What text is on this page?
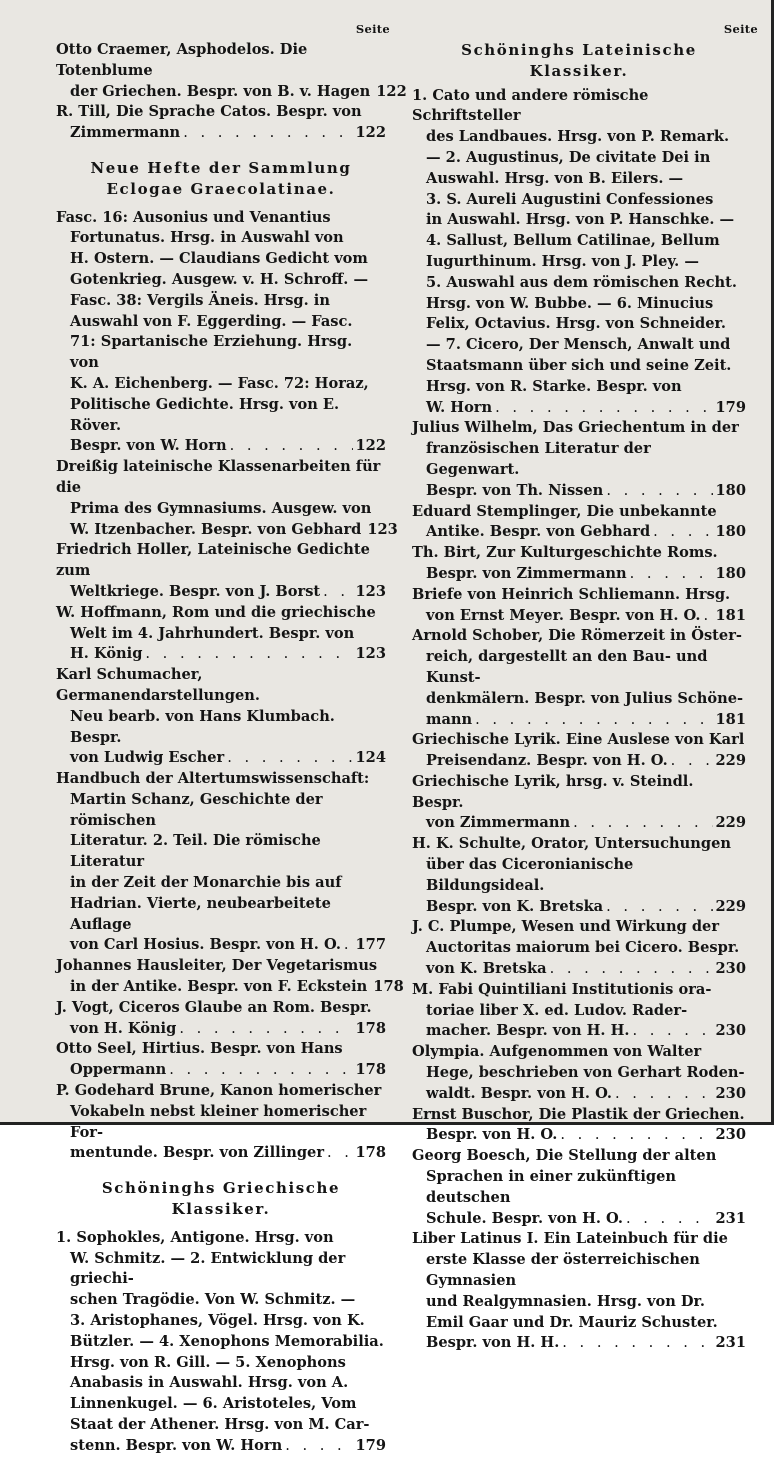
Seite
Otto Craemer, Asphodelos. Die Totenblume
der Griechen. Bespr. von B. v. Hagen 122
R. Till, Die Sprache Catos. Bespr. von
Zimmermann . . .	122
Neue Hefte der Sammlung
Eclogae Graecolatinae.
Fasc. 16: Ausonius und Venantius
Fortunatus. Hrsg. in Auswahl von
H. Ostern. — Claudians Gedicht vom
Gotenkrieg. Ausgew. v. H. Schroff. —
Fasc. 38: Vergils Äneis. Hrsg. in
Auswahl von F. Eggerding. — Fasc.
71: Spartanische Erziehung. Hrsg. von
K. A. Eichenberg. — Fasc. 72: Horaz,
Politische Gedichte. Hrsg. von E. Röver.
Bespr. von W. Horn . . .	122
Dreißig lateinische Klassenarbeiten für die
Prima des Gymnasiums. Ausgew. von
W. Itzenbacher. Bespr. von Gebhard 123
Friedrich Holler, Lateinische Gedichte zum
Weltkriege. Bespr. von J. Borst . . . 123
W. Hoffmann, Rom und die griechische
Welt im 4. Jahrhundert. Bespr. von
H. König . . .	123
Karl Schumacher, Germanendarstellungen.
Neu bearb. von Hans Klumbach. Bespr.
von Ludwig Escher . . .	124
Handbuch der Altertumswissenschaft:
Martin Schanz, Geschichte der römischen
Literatur. 2. Teil. Die römische Literatur
in der Zeit der Monarchie bis auf
Hadrian. Vierte, neubearbeitete Auflage
von Carl Hosius. Bespr. von H. O. . . . 177
Johannes Hausleiter, Der Vegetarismus
in der Antike. Bespr. von F. Eckstein 178
J. Vogt, Ciceros Glaube an Rom. Bespr.
von H. König . . .	178
Otto Seel, Hirtius. Bespr. von Hans
Oppermann . . .	178
P. Godehard Brune, Kanon homerischer
Vokabeln nebst kleiner homerischer For-
mentunde. Bespr. von Zillinger . . . 178
Schöninghs Griechische Klassiker.
1. Sophokles, Antigone. Hrsg. von
W. Schmitz. — 2. Entwicklung der griechi-
schen Tragödie. Von W. Schmitz. —
3. Aristophanes, Vögel. Hrsg. von K.
Bützler. — 4. Xenophons Memorabilia.
Hrsg. von R. Gill. — 5. Xenophons
Anabasis in Auswahl. Hrsg. von A.
Linnenkugel. — 6. Aristoteles, Vom
Staat der Athener. Hrsg. von M. Car-
stenn. Bespr. von W. Horn . . .	179
Seite
Schöninghs Lateinische Klassiker.
1. Cato und andere römische Schriftsteller
des Landbaues. Hrsg. von P. Remark.
— 2. Augustinus, De civitate Dei in
Auswahl. Hrsg. von B. Eilers. —
3. S. Aureli Augustini Confessiones
in Auswahl. Hrsg. von P. Hanschke. —
4. Sallust, Bellum Catilinae, Bellum
Iugurthinum. Hrsg. von J. Pley. —
5. Auswahl aus dem römischen Recht.
Hrsg. von W. Bubbe. — 6. Minucius
Felix, Octavius. Hrsg. von Schneider.
— 7. Cicero, Der Mensch, Anwalt und
Staatsmann über sich und seine Zeit.
Hrsg. von R. Starke. Bespr. von
W. Horn . . .	179
Julius Wilhelm, Das Griechentum in der
französischen Literatur der Gegenwart.
Bespr. von Th. Nissen . . .	180
Eduard Stemplinger, Die unbekannte
Antike. Bespr. von Gebhard . . .	180
Th. Birt, Zur Kulturgeschichte Roms.
Bespr. von Zimmermann . . .	180
Briefe von Heinrich Schliemann. Hrsg.
von Ernst Meyer. Bespr. von H. O. . . . 181
Arnold Schober, Die Römerzeit in Öster-
reich, dargestellt an den Bau- und Kunst-
denkmälern. Bespr. von Julius Schöne-
mann . . .	181
Griechische Lyrik. Eine Auslese von Karl
Preisendanz. Bespr. von H. O. . . .	229
Griechische Lyrik, hrsg. v. Steindl. Bespr.
von Zimmermann . . .	229
H. K. Schulte, Orator, Untersuchungen
über das Ciceronianische Bildungsideal.
Bespr. von K. Bretska . . .	229
J. C. Plumpe, Wesen und Wirkung der
Auctoritas maiorum bei Cicero. Bespr.
von K. Bretska . . .	230
M. Fabi Quintiliani Institutionis ora-
toriae liber X. ed. Ludov. Rader-
macher. Bespr. von H. H. . . .	230
Olympia. Aufgenommen von Walter
Hege, beschrieben von Gerhart Roden-
waldt. Bespr. von H. O. . . .	230
Ernst Buschor, Die Plastik der Griechen.
Bespr. von H. O. . . .	230
Georg Boesch, Die Stellung der alten
Sprachen in einer zukünftigen deutschen
Schule. Bespr. von H. O. . . .	231
Liber Latinus I. Ein Lateinbuch für die
erste Klasse der österreichischen Gymnasien
und Realgymnasien. Hrsg. von Dr.
Emil Gaar und Dr. Mauriz Schuster.
Bespr. von H. H. . . .	231
